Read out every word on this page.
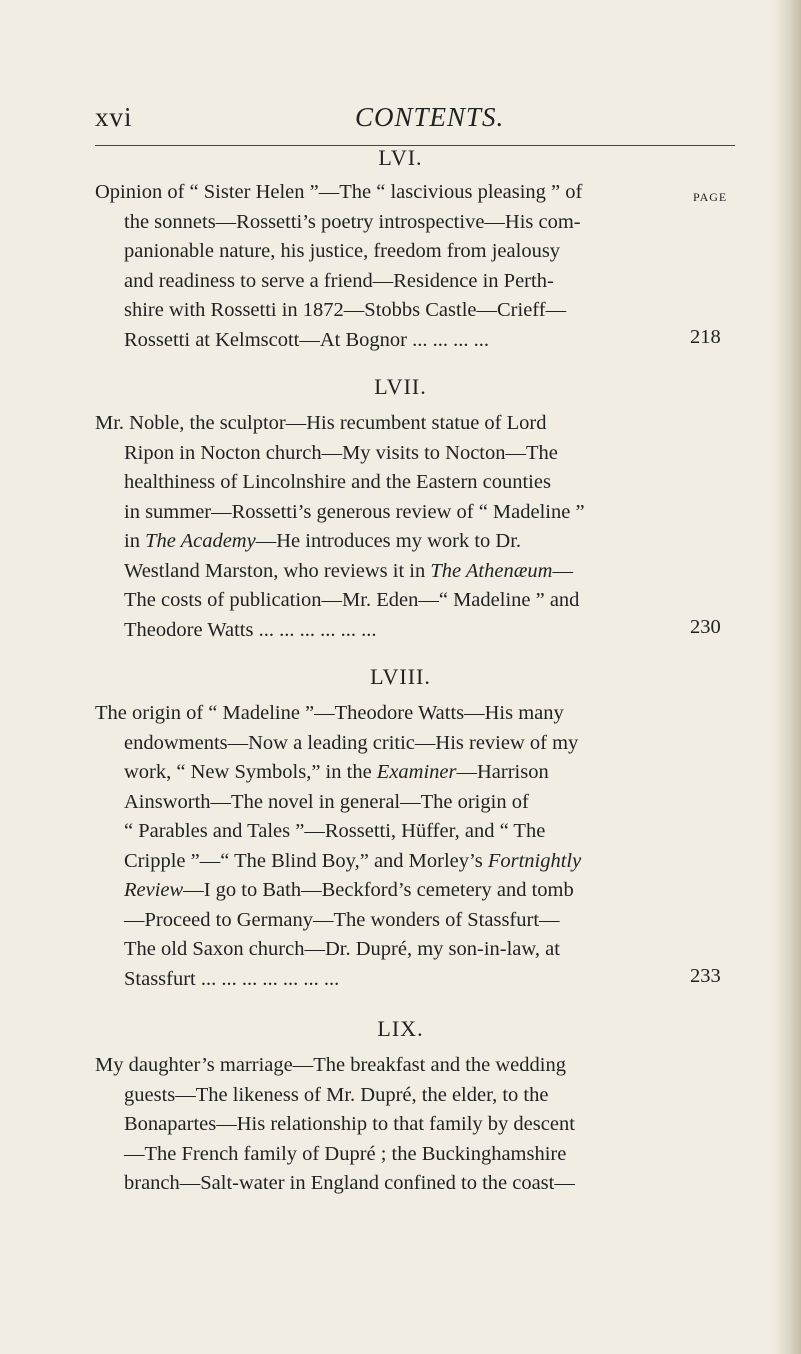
xvi	CONTENTS.
PAGE
LVI.
Opinion of “ Sister Helen ”—The “ lascivious pleasing ” of
the sonnets—Rossetti’s poetry introspective—His com-
panionable nature, his justice, freedom from jealousy
and readiness to serve a friend—Residence in Perth-
shire with Rossetti in 1872—Stobbs Castle—Crieff—
Rossetti at Kelmscott—At Bognor ... ... ... ...	218
LVII.
Mr. Noble, the sculptor—His recumbent statue of Lord
Ripon in Nocton church—My visits to Nocton—The
healthiness of Lincolnshire and the Eastern counties
in summer—Rossetti’s generous review of “ Madeline ”
in The Academy—He introduces my work to Dr.
Westland Marston, who reviews it in The Athenæum—
The costs of publication—Mr. Eden—“ Madeline ” and
Theodore Watts ... ... ... ... ... ...	230
LVIII.
The origin of “ Madeline ”—Theodore Watts—His many
endowments—Now a leading critic—His review of my
work, “ New Symbols,” in the Examiner—Harrison
Ainsworth—The novel in general—The origin of
“ Parables and Tales ”—Rossetti, Hüffer, and “ The
Cripple ”—“ The Blind Boy,” and Morley’s Fortnightly
Review—I go to Bath—Beckford’s cemetery and tomb
—Proceed to Germany—The wonders of Stassfurt—
The old Saxon church—Dr. Dupré, my son-in-law, at
Stassfurt ... ... ... ... ... ... ...	233
LIX.
My daughter’s marriage—The breakfast and the wedding
guests—The likeness of Mr. Dupré, the elder, to the
Bonapartes—His relationship to that family by descent
—The French family of Dupré ; the Buckinghamshire
branch—Salt-water in England confined to the coast—
